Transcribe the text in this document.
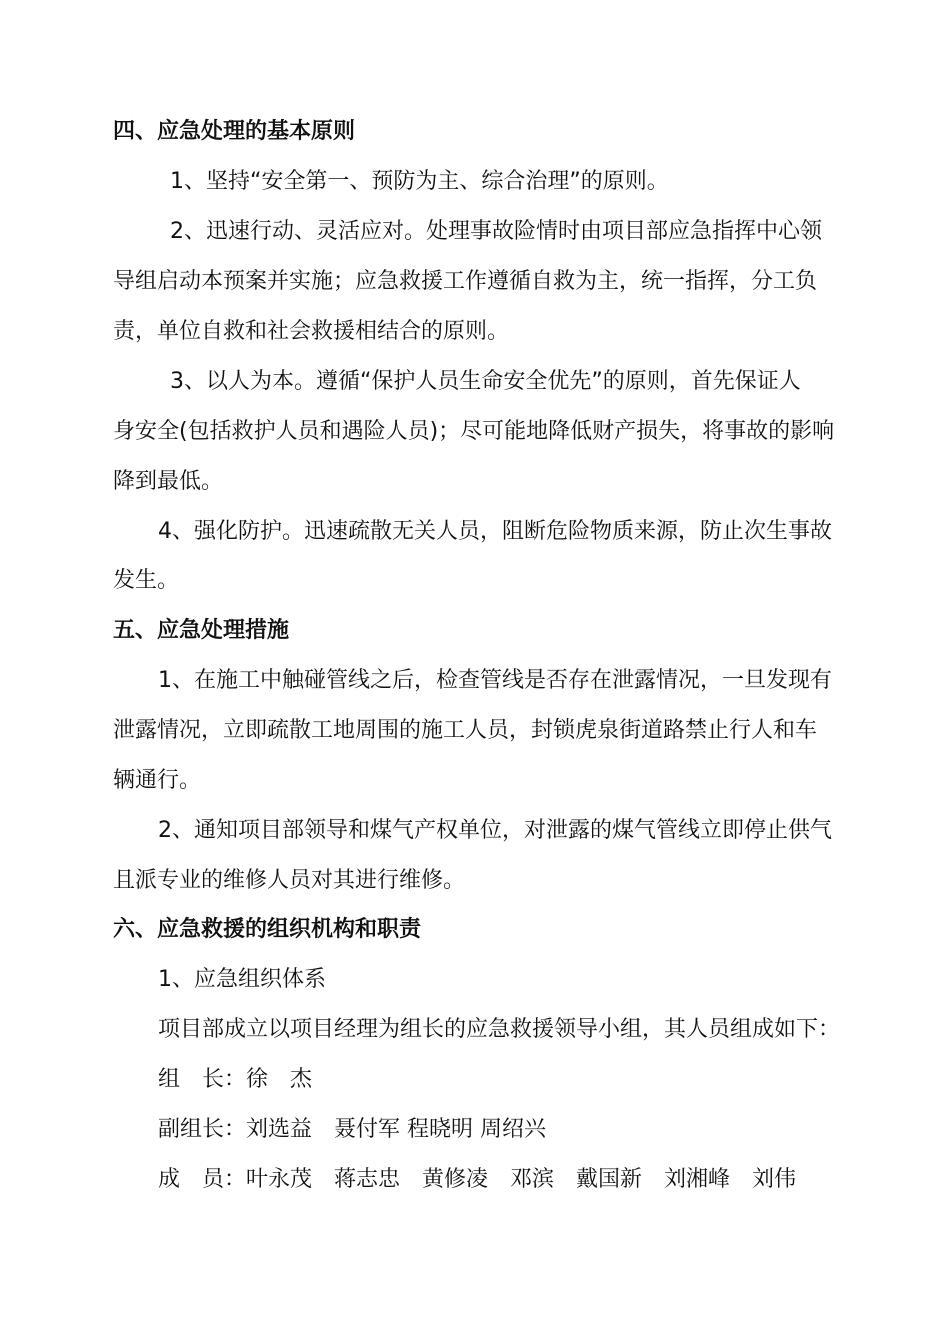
四、应急处理的基本原则
1、坚持“安全第一、预防为主、综合治理”的原则。
2、迅速行动、灵活应对。处理事故险情时由项目部应急指挥中心领
导组启动本预案并实施；应急救援工作遵循自救为主，统一指挥，分工负
责，单位自救和社会救援相结合的原则。
3、以人为本。遵循“保护人员生命安全优先”的原则，首先保证人
身安全(包括救护人员和遇险人员)；尽可能地降低财产损失，将事故的影响
降到最低。
4、强化防护。迅速疏散无关人员，阻断危险物质来源，防止次生事故
发生。
五、应急处理措施
1、在施工中触碰管线之后，检查管线是否存在泄露情况，一旦发现有
泄露情况，立即疏散工地周围的施工人员，封锁虎泉街道路禁止行人和车
辆通行。
2、通知项目部领导和煤气产权单位，对泄露的煤气管线立即停止供气
且派专业的维修人员对其进行维修。
六、应急救援的组织机构和职责
1、应急组织体系
项目部成立以项目经理为组长的应急救援领导小组，其人员组成如下：
组　长：徐　杰
副组长：刘选益　聂付军 程晓明 周绍兴
成　员：叶永茂　蒋志忠　黄修凌　邓滨　戴国新　刘湘峰　刘伟
